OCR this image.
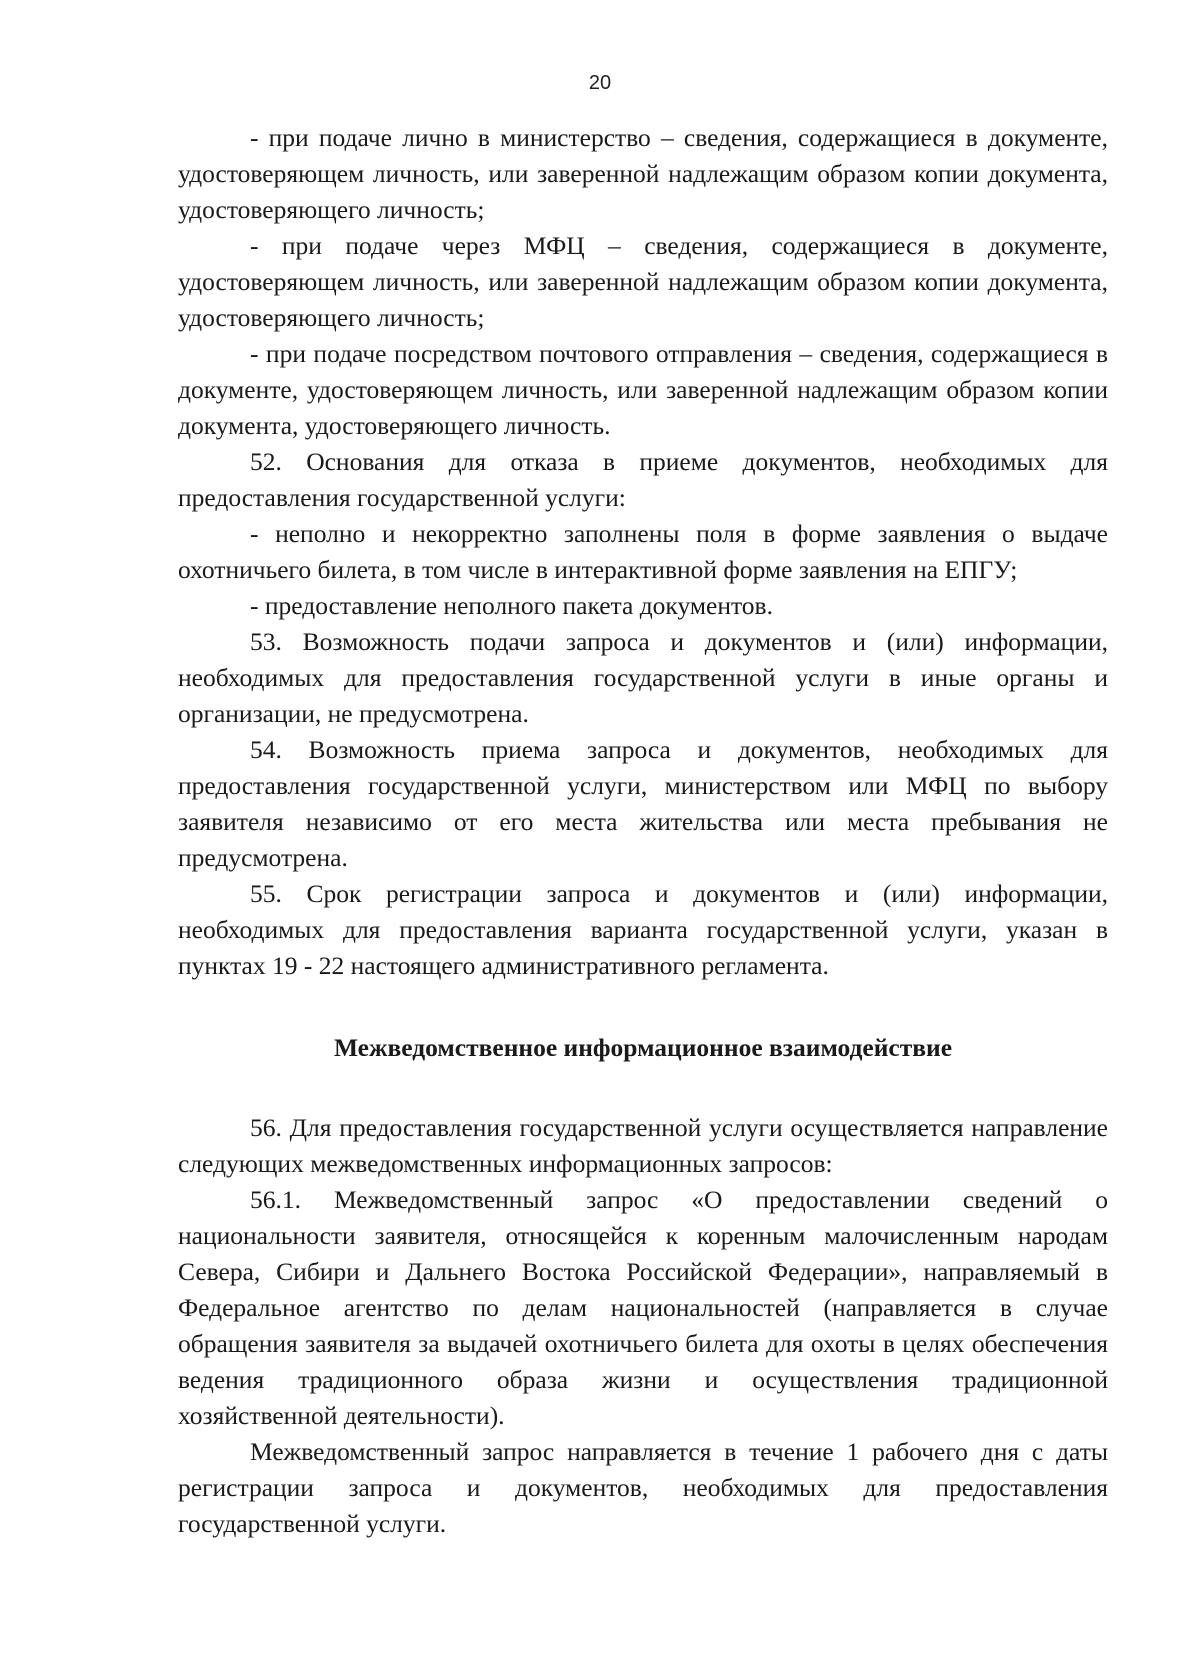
20

- при подаче лично в министерство – сведения, содержащиеся в документе, удостоверяющем личность, или заверенной надлежащим образом копии документа, удостоверяющего личность;

- при подаче через МФЦ – сведения, содержащиеся в документе, удостоверяющем личность, или заверенной надлежащим образом копии документа, удостоверяющего личность;

- при подаче посредством почтового отправления – сведения, содержащиеся в документе, удостоверяющем личность, или заверенной надлежащим образом копии документа, удостоверяющего личность.

52. Основания для отказа в приеме документов, необходимых для предоставления государственной услуги:

- неполно и некорректно заполнены поля в форме заявления о выдаче охотничьего билета, в том числе в интерактивной форме заявления на ЕПГУ;

- предоставление неполного пакета документов.

53. Возможность подачи запроса и документов и (или) информации, необходимых для предоставления государственной услуги в иные органы и организации, не предусмотрена.

54. Возможность приема запроса и документов, необходимых для предоставления государственной услуги, министерством или МФЦ по выбору заявителя независимо от его места жительства или места пребывания не предусмотрена.

55. Срок регистрации запроса и документов и (или) информации, необходимых для предоставления варианта государственной услуги, указан в пунктах 19 - 22 настоящего административного регламента.

Межведомственное информационное взаимодействие

56. Для предоставления государственной услуги осуществляется направление следующих межведомственных информационных запросов:

56.1. Межведомственный запрос «О предоставлении сведений о национальности заявителя, относящейся к коренным малочисленным народам Севера, Сибири и Дальнего Востока Российской Федерации», направляемый в Федеральное агентство по делам национальностей (направляется в случае обращения заявителя за выдачей охотничьего билета для охоты в целях обеспечения ведения традиционного образа жизни и осуществления традиционной хозяйственной деятельности).

Межведомственный запрос направляется в течение 1 рабочего дня с даты регистрации запроса и документов, необходимых для предоставления государственной услуги.
